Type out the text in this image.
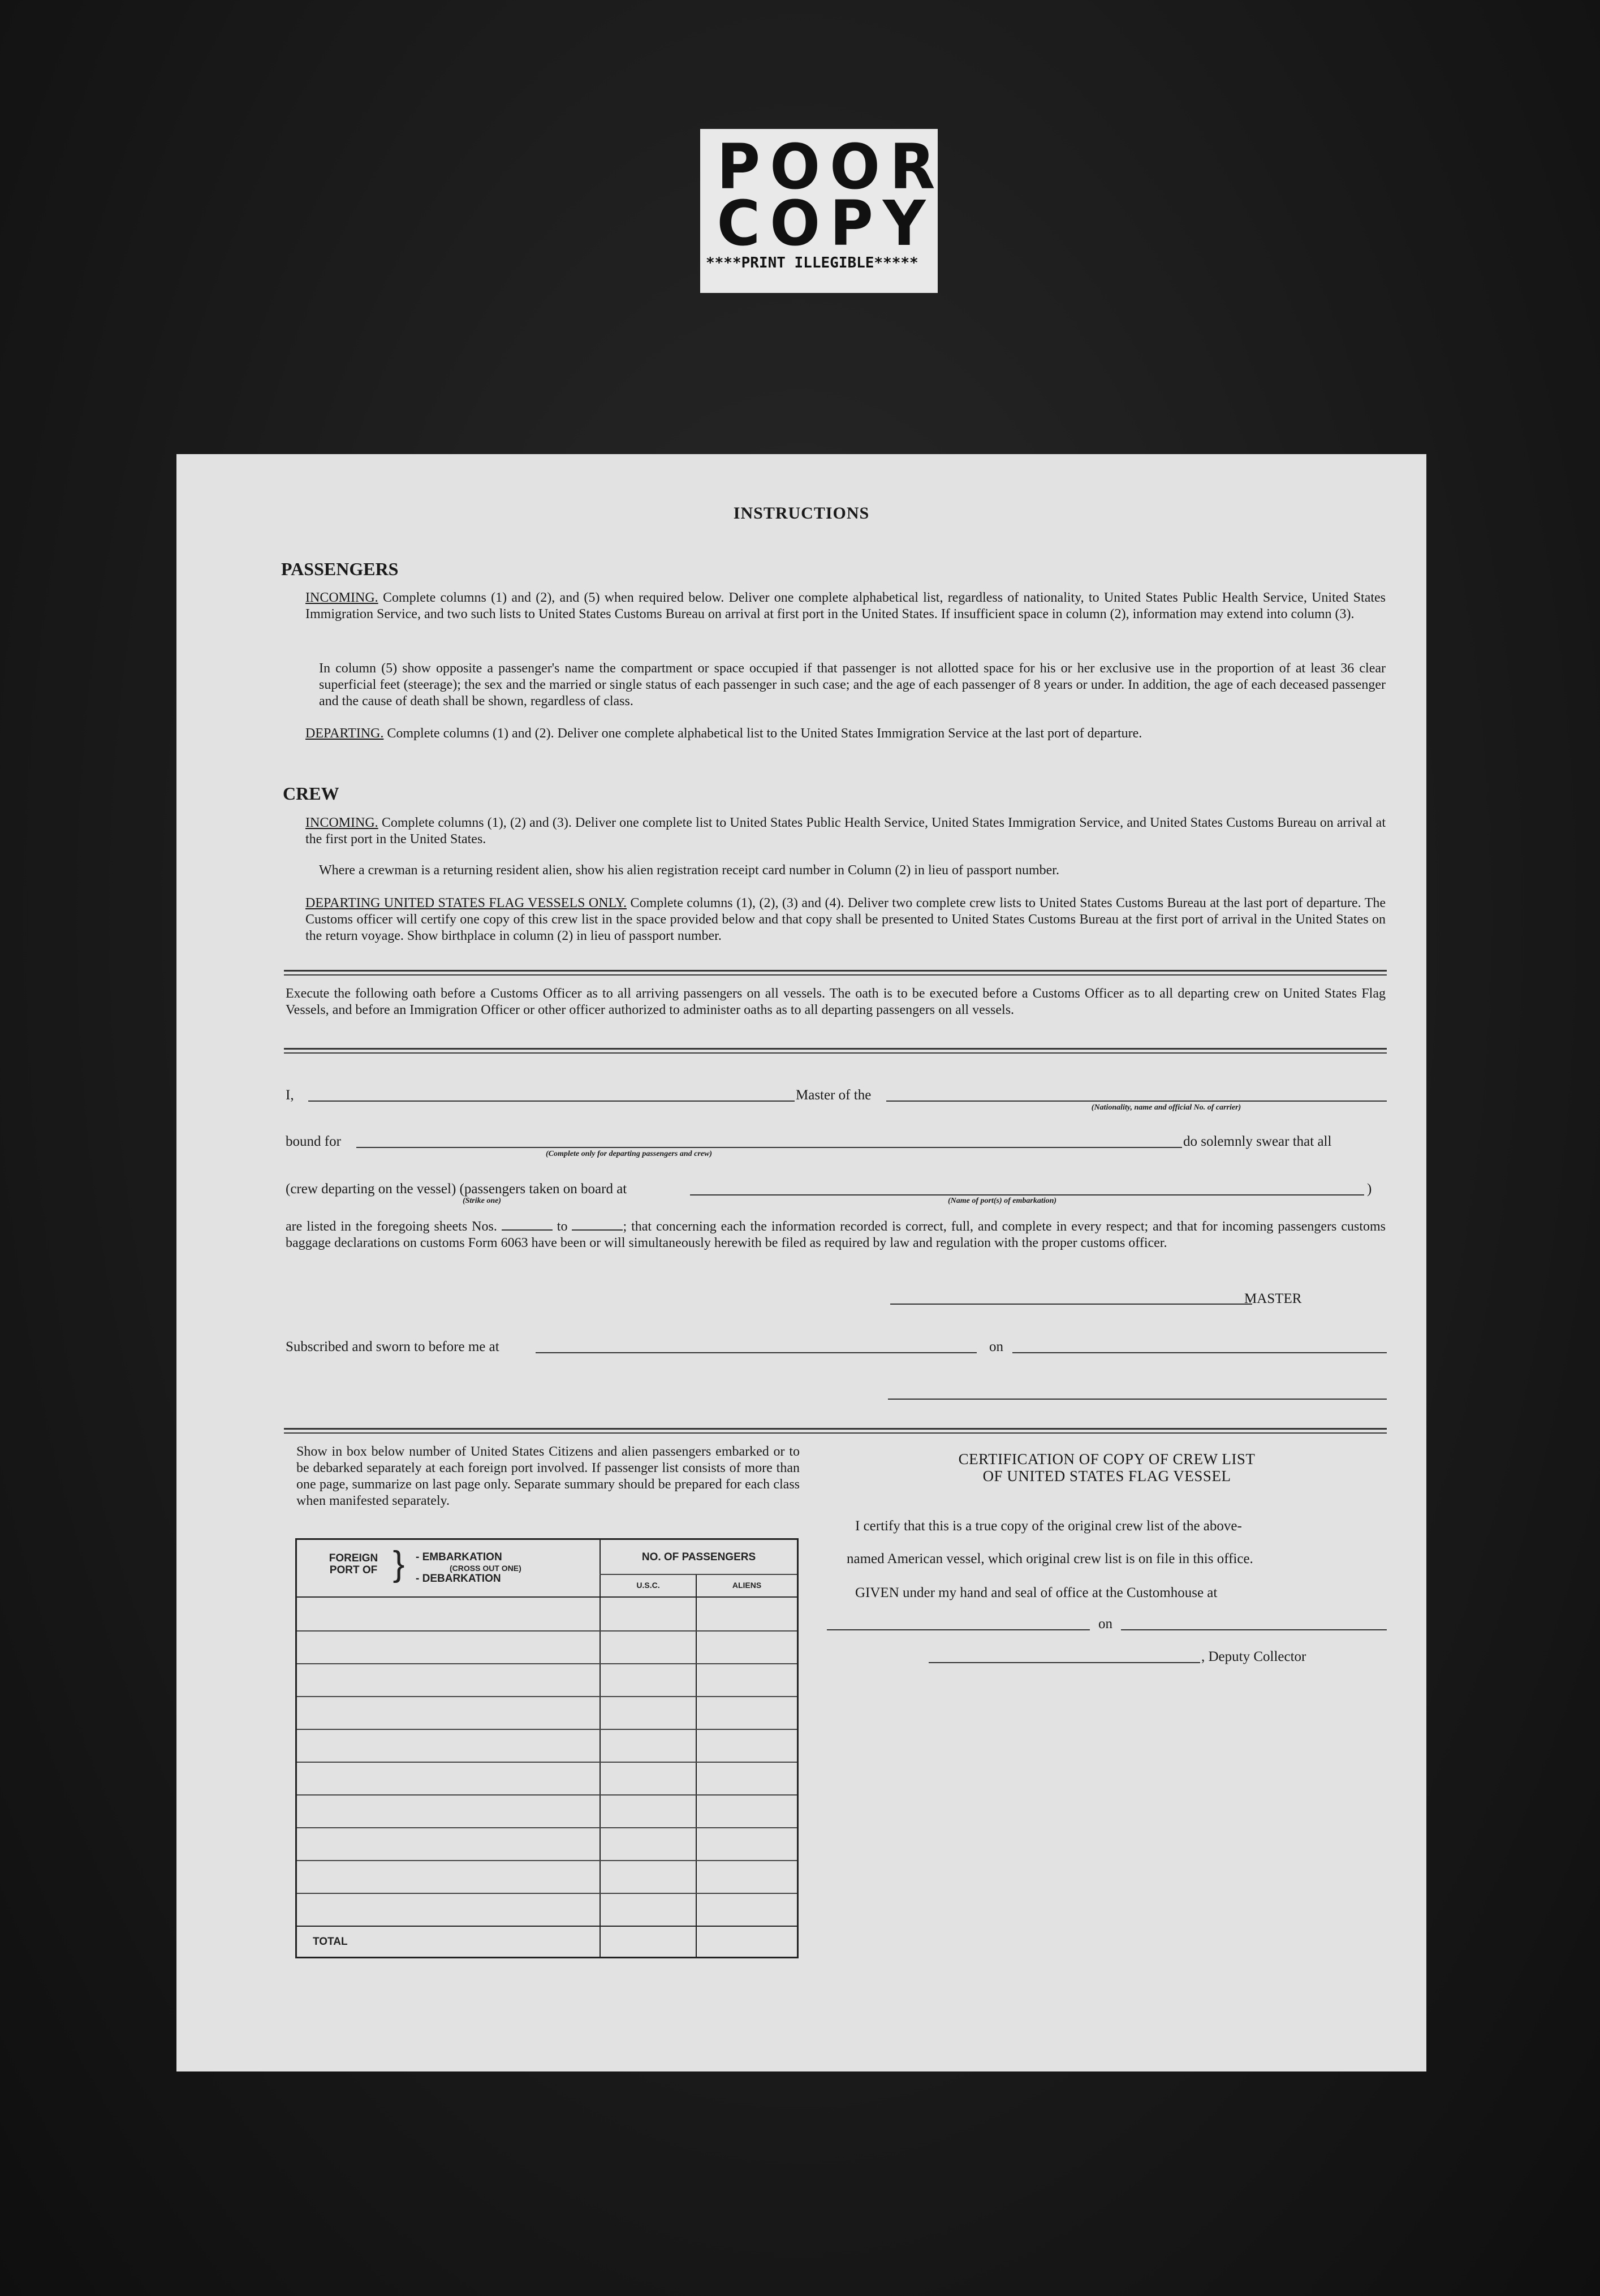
POOR
COPY
****PRINT ILLEGIBLE*****
INSTRUCTIONS
PASSENGERS
INCOMING. Complete columns (1) and (2), and (5) when required below. Deliver one complete alphabetical list, regardless of nationality, to United States Public Health Service, United States Immigration Service, and two such lists to United States Customs Bureau on arrival at first port in the United States. If insufficient space in column (2), information may extend into column (3).
In column (5) show opposite a passenger's name the compartment or space occupied if that passenger is not allotted space for his or her exclusive use in the proportion of at least 36 clear superficial feet (steerage); the sex and the married or single status of each passenger in such case; and the age of each passenger of 8 years or under. In addition, the age of each deceased passenger and the cause of death shall be shown, regardless of class.
DEPARTING. Complete columns (1) and (2). Deliver one complete alphabetical list to the United States Immigration Service at the last port of departure.
CREW
INCOMING. Complete columns (1), (2) and (3). Deliver one complete list to United States Public Health Service, United States Immigration Service, and United States Customs Bureau on arrival at the first port in the United States.
Where a crewman is a returning resident alien, show his alien registration receipt card number in Column (2) in lieu of passport number.
DEPARTING UNITED STATES FLAG VESSELS ONLY. Complete columns (1), (2), (3) and (4). Deliver two complete crew lists to United States Customs Bureau at the last port of departure. The Customs officer will certify one copy of this crew list in the space provided below and that copy shall be presented to United States Customs Bureau at the first port of arrival in the United States on the return voyage. Show birthplace in column (2) in lieu of passport number.
Execute the following oath before a Customs Officer as to all arriving passengers on all vessels. The oath is to be executed before a Customs Officer as to all departing crew on United States Flag Vessels, and before an Immigration Officer or other officer authorized to administer oaths as to all departing passengers on all vessels.
I,	Master of the
(Nationality, name and official No. of carrier)
bound for	do solemnly swear that all
(Complete only for departing passengers and crew)
(crew departing on the vessel) (passengers taken on board at	)
(Strike one)	(Name of port(s) of embarkation)
are listed in the foregoing sheets Nos.	to	; that concerning each the information recorded is correct, full, and complete in every respect; and that for incoming passengers customs baggage declarations on customs Form 6063 have been or will simultaneously herewith be filed as required by law and regulation with the proper customs officer.
MASTER
Subscribed and sworn to before me at	on
Show in box below number of United States Citizens and alien passengers embarked or to be debarked separately at each foreign port involved. If passenger list consists of more than one page, summarize on last page only. Separate summary should be prepared for each class when manifested separately.
FOREIGN PORT OF }	- EMBARKATION
(CROSS OUT ONE)
- DEBARKATION
NO. OF PASSENGERS
U.S.C.	ALIENS
TOTAL
CERTIFICATION OF COPY OF CREW LIST
OF UNITED STATES FLAG VESSEL
I certify that this is a true copy of the original crew list of the above-
named American vessel, which original crew list is on file in this office.
GIVEN under my hand and seal of office at the Customhouse at
on
, Deputy Collector
